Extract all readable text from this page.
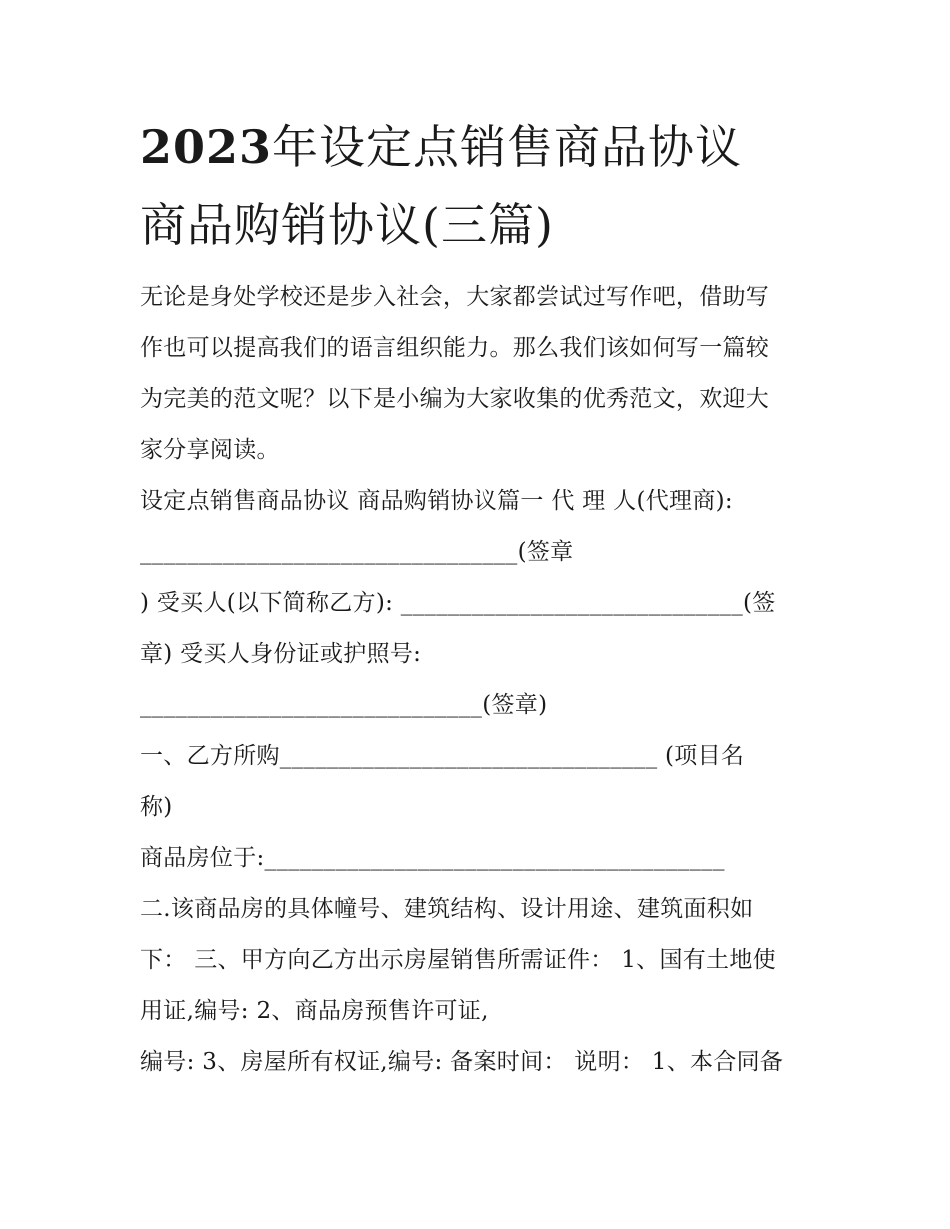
2023年设定点销售商品协议
商品购销协议(三篇)

无论是身处学校还是步入社会，大家都尝试过写作吧，借助写
作也可以提高我们的语言组织能力。那么我们该如何写一篇较
为完美的范文呢？以下是小编为大家收集的优秀范文，欢迎大
家分享阅读。

设定点销售商品协议 商品购销协议篇一 代 理 人(代理商):
________________________________(签章
) 受买人(以下简称乙方): _____________________________(签
章) 受买人身份证或护照号:
_____________________________(签章)
一、乙方所购________________________________ (项目名
称)
商品房位于:_______________________________________
二.该商品房的具体幢号、建筑结构、设计用途、建筑面积如
下： 三、甲方向乙方出示房屋销售所需证件： 1、国有土地使
用证,编号: 2、商品房预售许可证,
编号: 3、房屋所有权证,编号: 备案时间： 说明： 1、本合同备
